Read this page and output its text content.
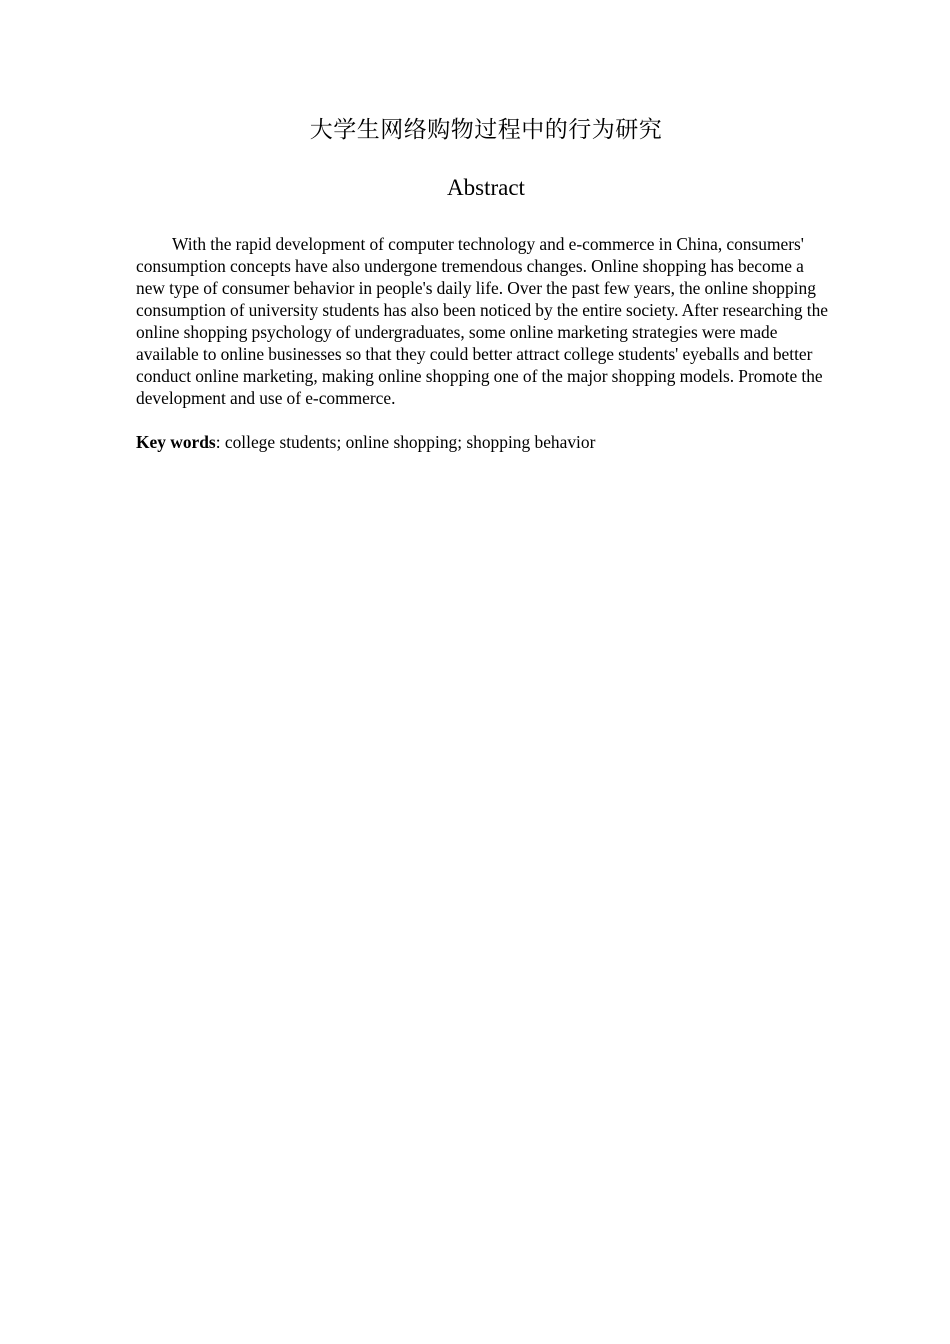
大学生网络购物过程中的行为研究
Abstract

With the rapid development of computer technology and e-commerce in China, consumers' consumption concepts have also undergone tremendous changes. Online shopping has become a new type of consumer behavior in people's daily life. Over the past few years, the online shopping consumption of university students has also been noticed by the entire society. After researching the online shopping psychology of undergraduates, some online marketing strategies were made available to online businesses so that they could better attract college students' eyeballs and better conduct online marketing, making online shopping one of the major shopping models. Promote the development and use of e-commerce.

Key words: college students; online shopping; shopping behavior
